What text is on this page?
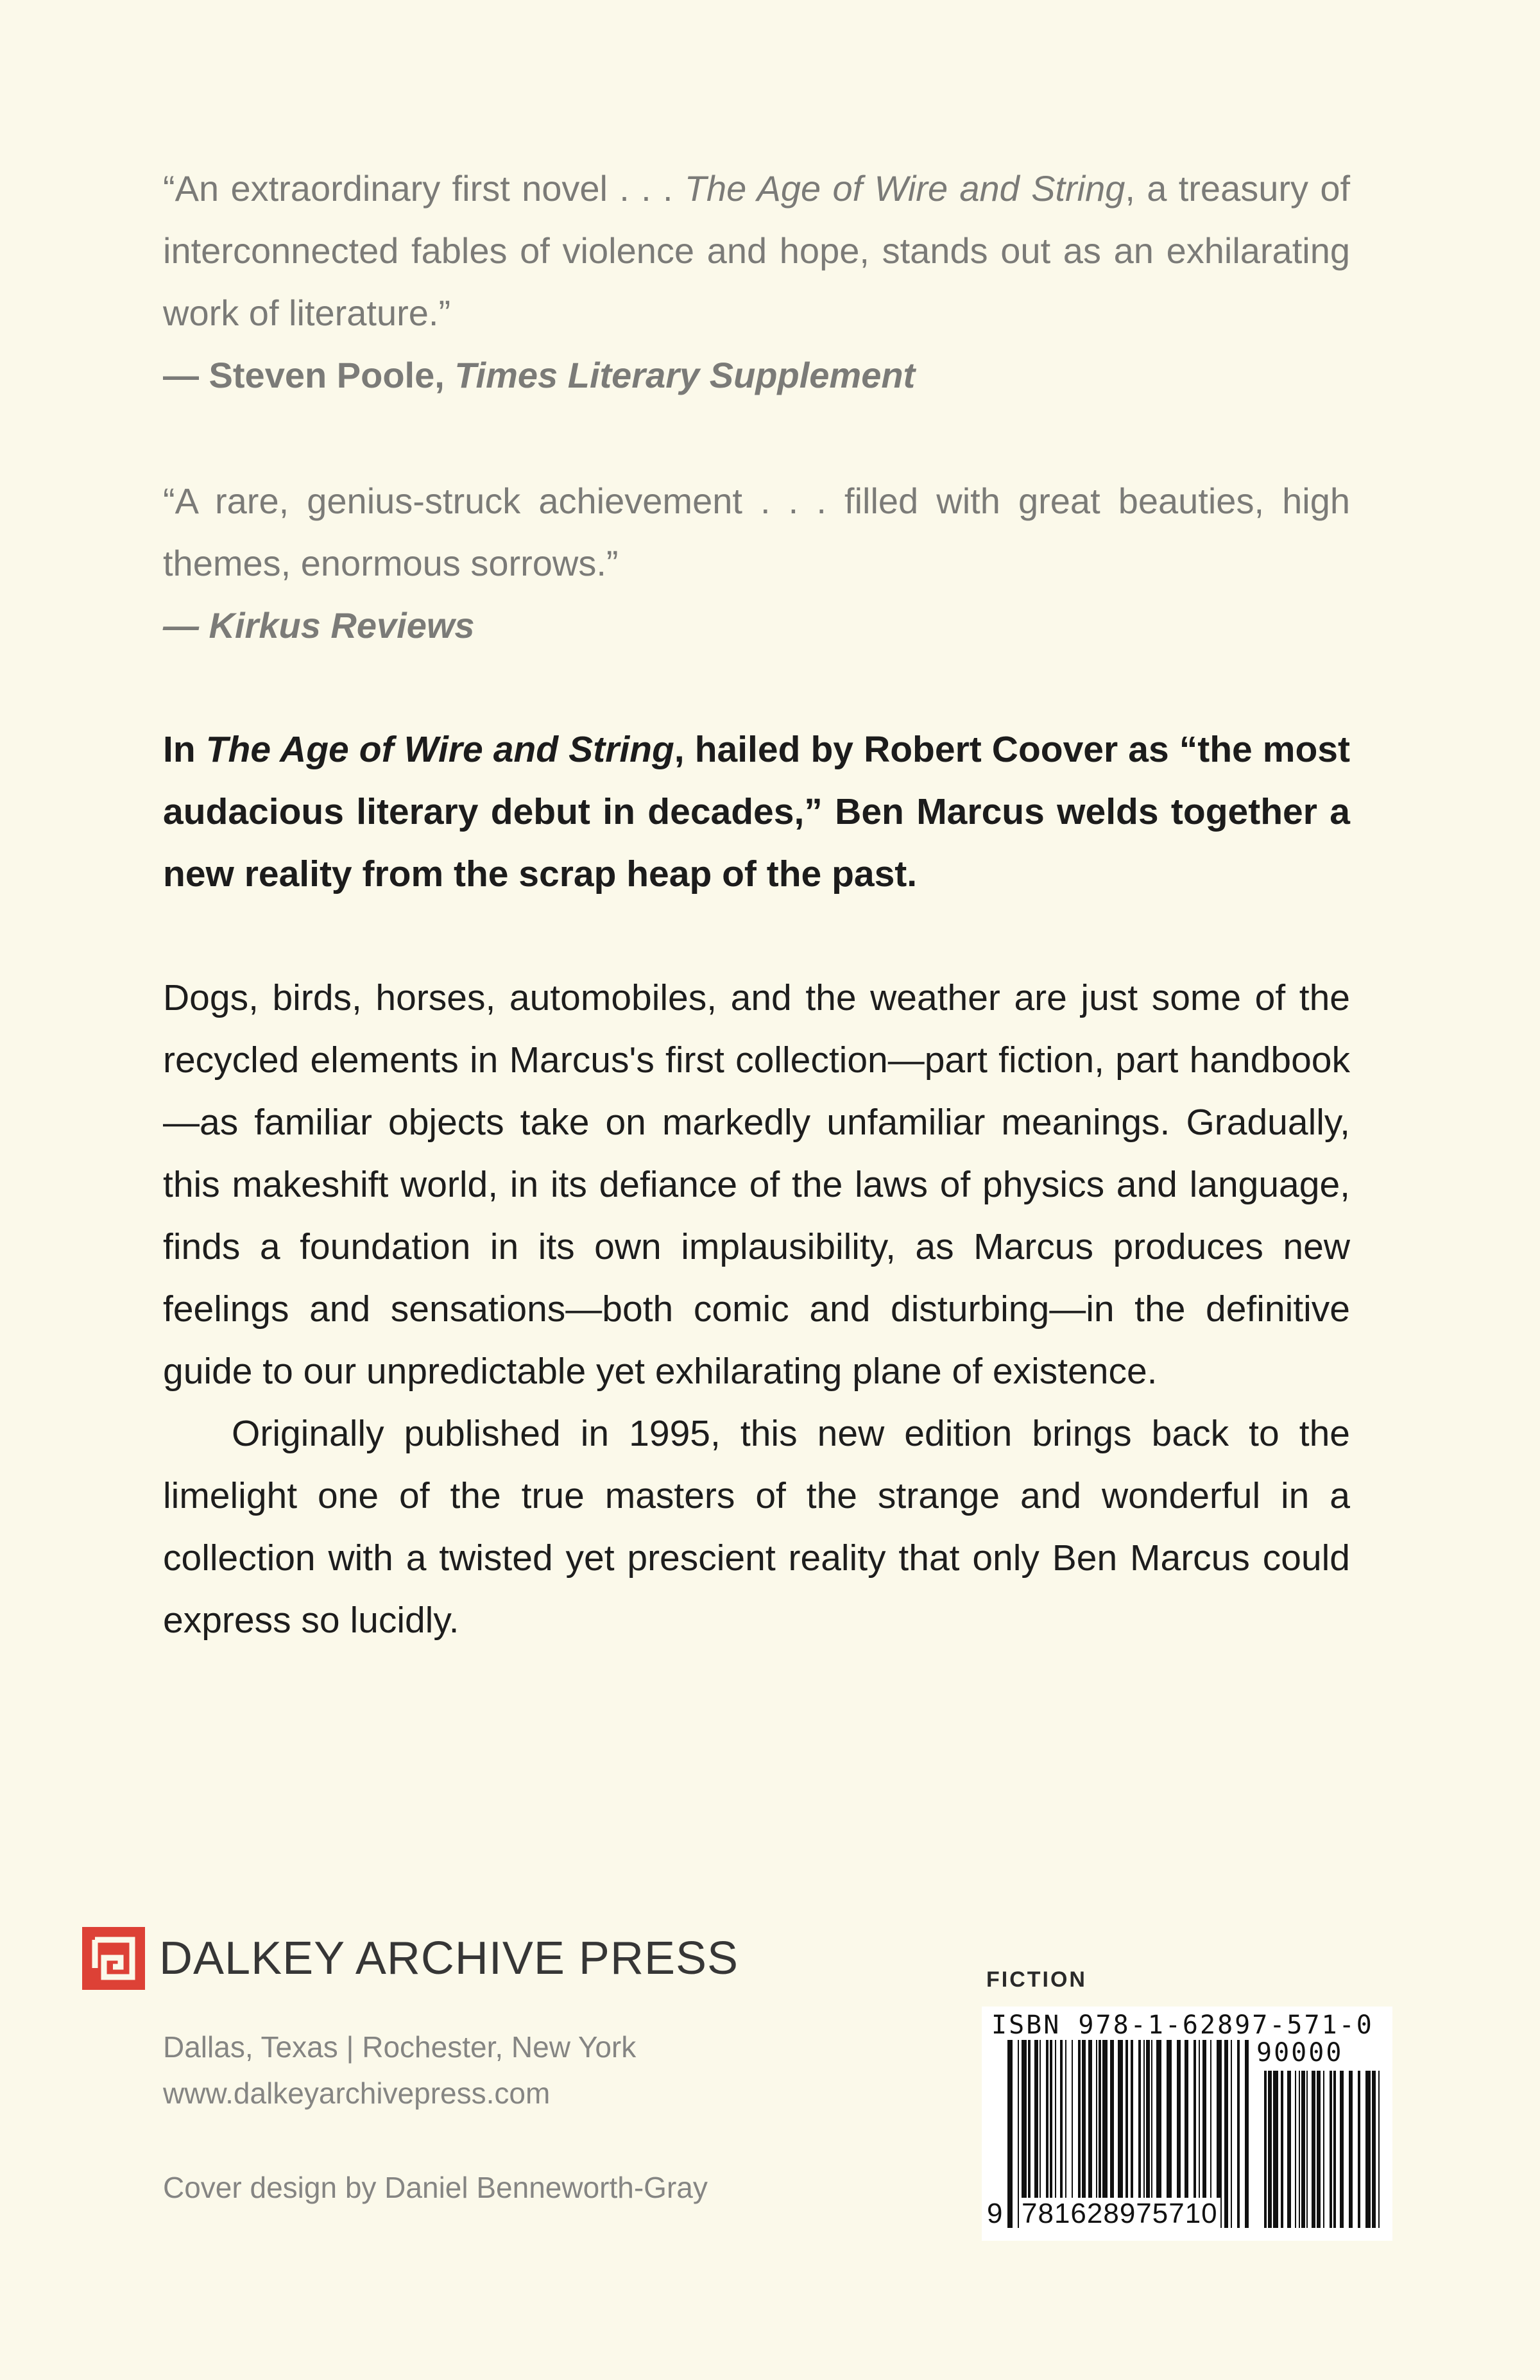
“An extraordinary first novel . . . The Age of Wire and String, a treasury of interconnected fables of violence and hope, stands out as an exhilarating work of literature.”
— Steven Poole, Times Literary Supplement
“A rare, genius-struck achievement . . . filled with great beauties, high themes, enormous sorrows.”
— Kirkus Reviews
In The Age of Wire and String, hailed by Robert Coover as “the most audacious literary debut in decades,” Ben Marcus welds together a new reality from the scrap heap of the past.

Dogs, birds, horses, automobiles, and the weather are just some of the recycled elements in Marcus's first collection—part fiction, part handbook—as familiar objects take on markedly unfamiliar meanings. Gradually, this makeshift world, in its defiance of the laws of physics and language, finds a foundation in its own implausibility, as Marcus produces new feelings and sensations—both comic and disturbing—in the definitive guide to our unpredictable yet exhilarating plane of existence.

Originally published in 1995, this new edition brings back to the limelight one of the true masters of the strange and wonderful in a collection with a twisted yet prescient reality that only Ben Marcus could express so lucidly.

DALKEY ARCHIVE PRESS
Dallas, Texas | Rochester, New York
www.dalkeyarchivepress.com
Cover design by Daniel Benneworth-Gray
FICTION
ISBN 978-1-62897-571-0
90000
9 781628975710
